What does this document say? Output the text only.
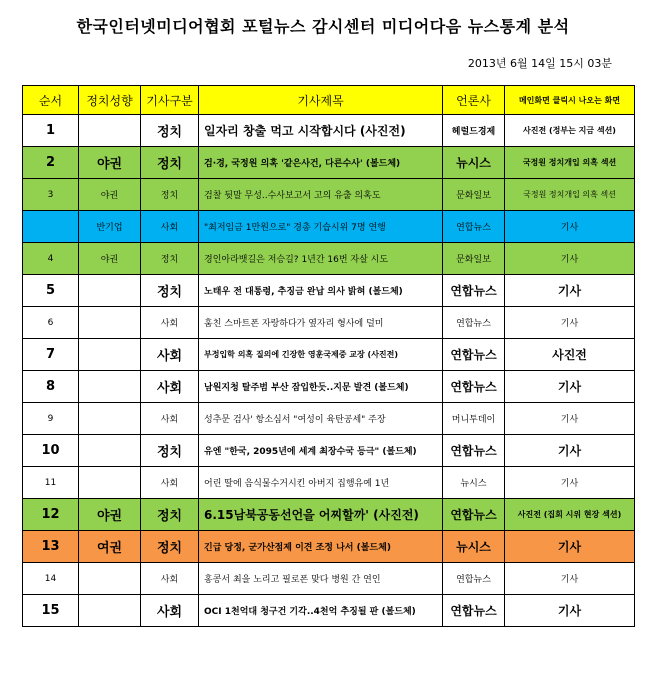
한국인터넷미디어협회 포털뉴스 감시센터 미디어다음 뉴스통계 분석
2013년 6월 14일 15시 03분
순서	정치성향	기사구분	기사제목	언론사	메인화면 클릭시 나오는 화면
1		정치	일자리 창출 먹고 시작합시다 (사진전)	헤럴드경제	사진전 (정부는 지금 섹션)
2	야권	정치	검·경, 국정원 의혹 '같은사건, 다른수사' (볼드체)	뉴시스	국정원 정치개입 의혹 섹션
3	야권	정치	검찰 뒷말 무성..수사보고서 고의 유출 의혹도	문화일보	국정원 정치개입 의혹 섹션
	반기업	사회	"최저임금 1만원으로" 경총 기습시위 7명 연행	연합뉴스	기사
4	야권	정치	경인아라뱃길은 저승길? 1년간 16번 자살 시도	문화일보	기사
5		정치	노태우 전 대통령, 추징금 완납 의사 밝혀 (볼드체)	연합뉴스	기사
6		사회	훔친 스마트폰 자랑하다가 옆자리 형사에 덜미	연합뉴스	기사
7		사회	부정입학 의혹 질의에 긴장한 영훈국제중 교장 (사진전)	연합뉴스	사진전
8		사회	남원지청 탈주범 부산 잠입한듯..지문 발견 (볼드체)	연합뉴스	기사
9		사회	성추문 검사' 항소심서 "여성이 육탄공세" 주장	머니투데이	기사
10		정치	유엔 "한국, 2095년에 세계 최장수국 등극" (볼드체)	연합뉴스	기사
11		사회	어린 딸에 음식물수거시킨 아버지 집행유예 1년	뉴시스	기사
12	야권	정치	6.15남북공동선언을 어찌할까' (사진전)	연합뉴스	사진전 (집회 시위 현장 섹션)
13	여권	정치	긴급 당정, 군가산점제 이견 조정 나서 (볼드체)	뉴시스	기사
14		사회	홍콩서 최을 노리고 필로폰 맞다 병원 간 연인	연합뉴스	기사
15		사회	OCI 1천억대 청구건 기각..4천억 추징될 판 (볼드체)	연합뉴스	기사
